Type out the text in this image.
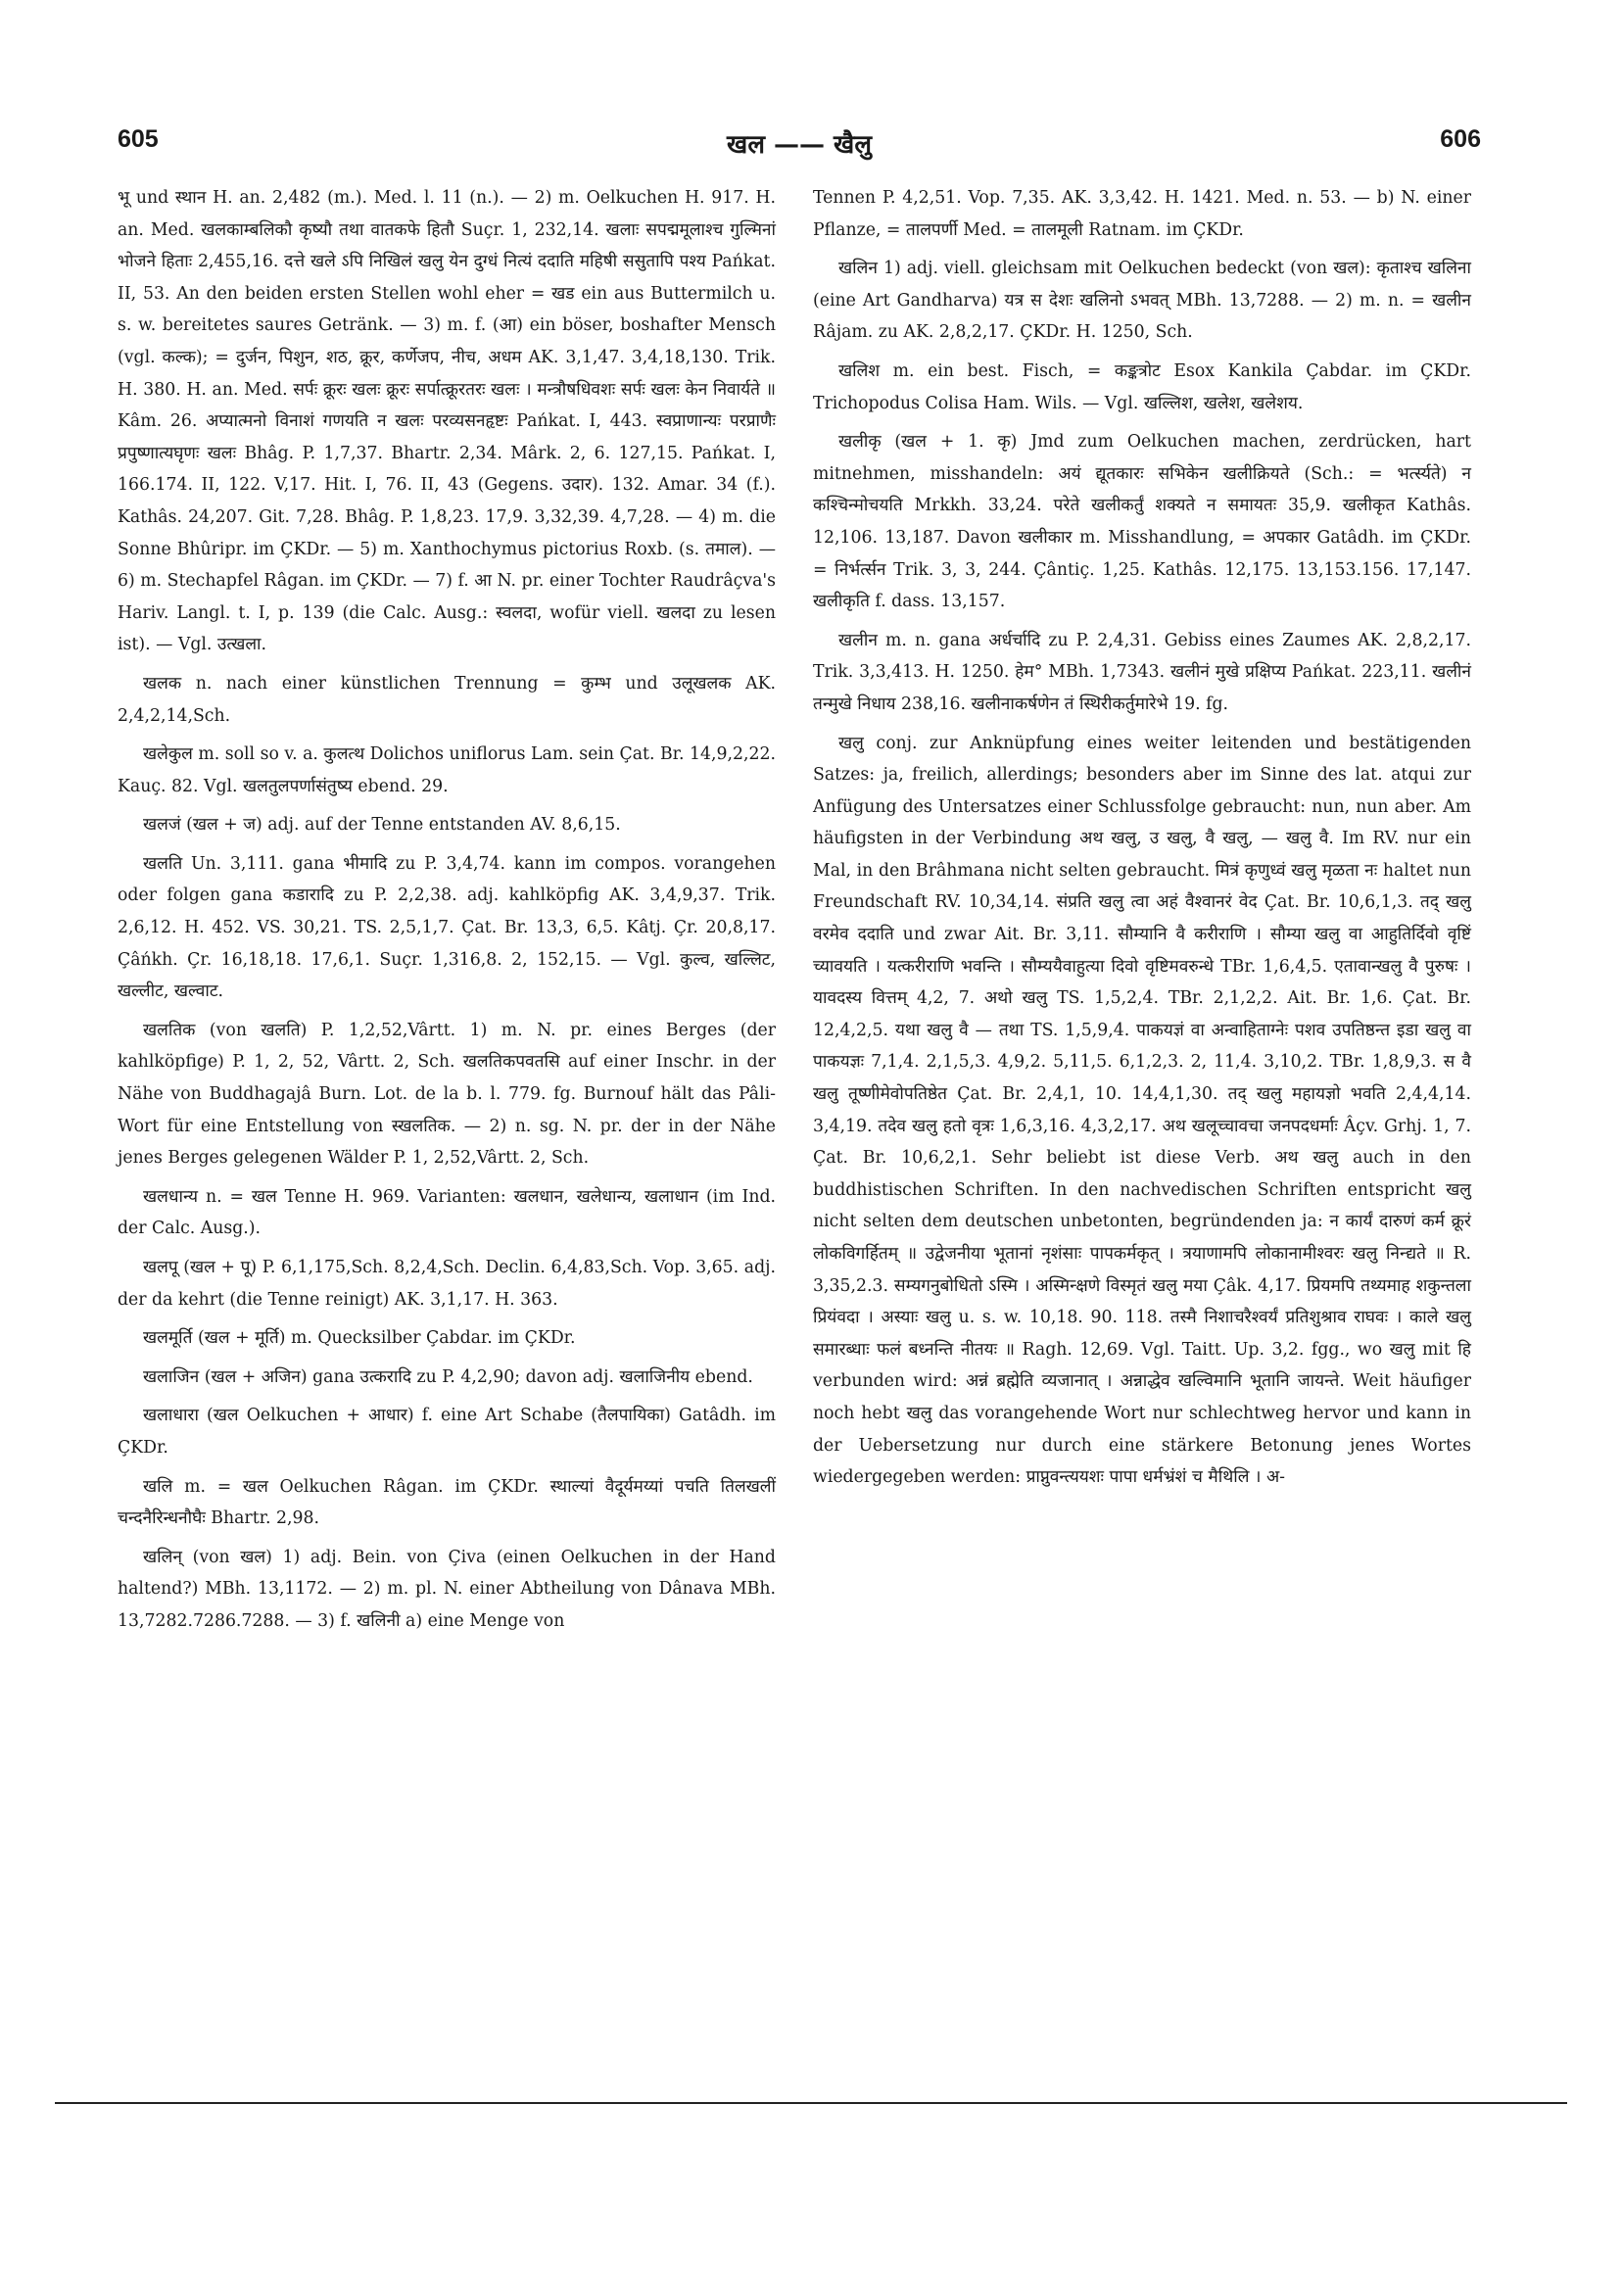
605	खल —— खैलु	606

भू und स्थान H. an. 2,482 (m.). Med. l. 11 (n.). — 2) m. Oelkuchen H. 917. H. an. Med. खलकाम्बलिकौ कृष्यौ तथा वातकफे हितौ Suçr. 1, 232,14. खलाः सपद्ममूलाश्च गुल्मिनां भोजने हिताः 2,455,16. दत्ते खले ऽपि निखिलं खलु येन दुग्धं नित्यं ददाति महिषी ससुतापि पश्य Pańkat. II, 53. An den beiden ersten Stellen wohl eher = खड ein aus Buttermilch u. s. w. bereitetes saures Getränk. — 3) m. f. (आ) ein böser, boshafter Mensch (vgl. कल्क); = दुर्जन, पिशुन, शठ, क्रूर, कर्णेजप, नीच, अधम AK. 3,1,47. 3,4,18,130. Trik. H. 380. H. an. Med. सर्पः क्रूरः खलः क्रूरः सर्पात्क्रूरतरः खलः । मन्त्रौषधिवशः सर्पः खलः केन निवार्यते ॥ Kâm. 26. अप्यात्मनो विनाशं गणयति न खलः परव्यसनहृष्टः Pańkat. I, 443. स्वप्राणान्यः परप्राणैः प्रपुष्णात्यघृणः खलः Bhâg. P. 1,7,37. Bhartr. 2,34. Mârk. 2, 6. 127,15. Pańkat. I, 166.174. II, 122. V,17. Hit. I, 76. II, 43 (Gegens. उदार). 132. Amar. 34 (f.). Kathâs. 24,207. Git. 7,28. Bhâg. P. 1,8,23. 17,9. 3,32,39. 4,7,28. — 4) m. die Sonne Bhûripr. im ÇKDr. — 5) m. Xanthochymus pictorius Roxb. (s. तमाल). — 6) m. Stechapfel Râgan. im ÇKDr. — 7) f. आ N. pr. einer Tochter Raudrâçva's Hariv. Langl. t. I, p. 139 (die Calc. Ausg.: स्वलदा, wofür viell. खलदा zu lesen ist). — Vgl. उत्खला.

खलक n. nach einer künstlichen Trennung = कुम्भ und उलूखलक AK. 2,4,2,14,Sch.

खलेकुल m. soll so v. a. कुलत्थ Dolichos uniflorus Lam. sein Çat. Br. 14,9,2,22. Kauç. 82. Vgl. खलतुलपर्णासंतुष्य ebend. 29.

खलजं (खल + ज) adj. auf der Tenne entstanden AV. 8,6,15.

खलति Un. 3,111. gana भीमादि zu P. 3,4,74. kann im compos. vorangehen oder folgen gana कडारादि zu P. 2,2,38. adj. kahlköpfig AK. 3,4,9,37. Trik. 2,6,12. H. 452. VS. 30,21. TS. 2,5,1,7. Çat. Br. 13,3, 6,5. Kâtj. Çr. 20,8,17. Çâńkh. Çr. 16,18,18. 17,6,1. Suçr. 1,316,8. 2, 152,15. — Vgl. कुल्व, खल्लिट, खल्लीट, खल्वाट.

खलतिक (von खलति) P. 1,2,52,Vârtt. 1) m. N. pr. eines Berges (der kahlköpfige) P. 1, 2, 52, Vârtt. 2, Sch. खलतिकपवतसि auf einer Inschr. in der Nähe von Buddhagajâ Burn. Lot. de la b. l. 779. fg. Burnouf hält das Pâli-Wort für eine Entstellung von स्खलतिक. — 2) n. sg. N. pr. der in der Nähe jenes Berges gelegenen Wälder P. 1, 2,52,Vârtt. 2, Sch.

खलधान्य n. = खल Tenne H. 969. Varianten: खलधान, खलेधान्य, खलाधान (im Ind. der Calc. Ausg.).

खलपू (खल + पू) P. 6,1,175,Sch. 8,2,4,Sch. Declin. 6,4,83,Sch. Vop. 3,65. adj. der da kehrt (die Tenne reinigt) AK. 3,1,17. H. 363.

खलमूर्ति (खल + मूर्ति) m. Quecksilber Çabdar. im ÇKDr.

खलाजिन (खल + अजिन) gana उत्करादि zu P. 4,2,90; davon adj. खलाजिनीय ebend.

खलाधारा (खल Oelkuchen + आधार) f. eine Art Schabe (तैलपायिका) Gatâdh. im ÇKDr.

खलि m. = खल Oelkuchen Râgan. im ÇKDr. स्थाल्यां वैदूर्यमय्यां पचति तिलखलीं चन्दनैरिन्धनौघैः Bhartr. 2,98.

खलिन् (von खल) 1) adj. Bein. von Çiva (einen Oelkuchen in der Hand haltend?) MBh. 13,1172. — 2) m. pl. N. einer Abtheilung von Dânava MBh. 13,7282.7286.7288. — 3) f. खलिनी a) eine Menge von

Tennen P. 4,2,51. Vop. 7,35. AK. 3,3,42. H. 1421. Med. n. 53. — b) N. einer Pflanze, = तालपर्णी Med. = तालमूली Ratnam. im ÇKDr.

खलिन 1) adj. viell. gleichsam mit Oelkuchen bedeckt (von खल): कृताश्च खलिना (eine Art Gandharva) यत्र स देशः खलिनो ऽभवत् MBh. 13,7288. — 2) m. n. = खलीन Râjam. zu AK. 2,8,2,17. ÇKDr. H. 1250, Sch.

खलिश m. ein best. Fisch, = कङ्कत्रोट Esox Kankila Çabdar. im ÇKDr. Trichopodus Colisa Ham. Wils. — Vgl. खल्लिश, खलेश, खलेशय.

खलीकृ (खल + 1. कृ) Jmd zum Oelkuchen machen, zerdrücken, hart mitnehmen, misshandeln: अयं द्यूतकारः सभिकेन खलीक्रियते (Sch.: = भर्त्स्यते) न कश्चिन्मोचयति Mrkkh. 33,24. परेते खलीकर्तुं शक्यते न समायतः 35,9. खलीकृत Kathâs. 12,106. 13,187. Davon खलीकार m. Misshandlung, = अपकार Gatâdh. im ÇKDr. = निर्भर्त्सन Trik. 3, 3, 244. Çântiç. 1,25. Kathâs. 12,175. 13,153.156. 17,147. खलीकृति f. dass. 13,157.

खलीन m. n. gana अर्धर्चादि zu P. 2,4,31. Gebiss eines Zaumes AK. 2,8,2,17. Trik. 3,3,413. H. 1250. हेम° MBh. 1,7343. खलीनं मुखे प्रक्षिप्य Pańkat. 223,11. खलीनं तन्मुखे निधाय 238,16. खलीनाकर्षणेन तं स्थिरीकर्तुमारेभे 19. fg.

खलु conj. zur Anknüpfung eines weiter leitenden und bestätigenden Satzes: ja, freilich, allerdings; besonders aber im Sinne des lat. atqui zur Anfügung des Untersatzes einer Schlussfolge gebraucht: nun, nun aber. Am häufigsten in der Verbindung अथ खलु, उ खलु, वै खलु, — खलु वै. Im RV. nur ein Mal, in den Brâhmana nicht selten gebraucht. मित्रं कृणुध्वं खलु मृळता नः haltet nun Freundschaft RV. 10,34,14. संप्रति खलु त्वा अहं वैश्वानरं वेद Çat. Br. 10,6,1,3. तद् खलु वरमेव ददाति und zwar Ait. Br. 3,11. सौम्यानि वै करीराणि । सौम्या खलु वा आहुतिर्दिवो वृष्टिं च्यावयति । यत्करीराणि भवन्ति । सौम्ययैवाहुत्या दिवो वृष्टिमवरुन्धे TBr. 1,6,4,5. एतावान्खलु वै पुरुषः । यावदस्य वित्तम् 4,2, 7. अथो खलु TS. 1,5,2,4. TBr. 2,1,2,2. Ait. Br. 1,6. Çat. Br. 12,4,2,5. यथा खलु वै — तथा TS. 1,5,9,4. पाकयज्ञं वा अन्वाहिताग्नेः पशव उपतिष्ठन्त इडा खलु वा पाकयज्ञः 7,1,4. 2,1,5,3. 4,9,2. 5,11,5. 6,1,2,3. 2, 11,4. 3,10,2. TBr. 1,8,9,3. स वै खलु तूष्णीमेवोपतिष्ठेत Çat. Br. 2,4,1, 10. 14,4,1,30. तद् खलु महायज्ञो भवति 2,4,4,14. 3,4,19. तदेव खलु हतो वृत्रः 1,6,3,16. 4,3,2,17. अथ खलूच्चावचा जनपदधर्माः Âçv. Grhj. 1, 7. Çat. Br. 10,6,2,1. Sehr beliebt ist diese Verb. अथ खलु auch in den buddhistischen Schriften. In den nachvedischen Schriften entspricht खलु nicht selten dem deutschen unbetonten, begründenden ja: न कार्यं दारुणं कर्म क्रूरं लोकविगर्हितम् ॥ उद्वेजनीया भूतानां नृशंसाः पापकर्मकृत् । त्रयाणामपि लोकानामीश्वरः खलु निन्द्यते ॥ R. 3,35,2.3. सम्यगनुबोधितो ऽस्मि । अस्मिन्क्षणे विस्मृतं खलु मया Çâk. 4,17. प्रियमपि तथ्यमाह शकुन्तला प्रियंवदा । अस्याः खलु u. s. w. 10,18. 90. 118. तस्मै निशाचरैश्वर्यं प्रतिशुश्राव राघवः । काले खलु समारब्धाः फलं बध्नन्ति नीतयः ॥ Ragh. 12,69. Vgl. Taitt. Up. 3,2. fgg., wo खलु mit हि verbunden wird: अन्नं ब्रह्मेति व्यजानात् । अन्नाद्धेव खल्विमानि भूतानि जायन्ते. Weit häufiger noch hebt खलु das vorangehende Wort nur schlechtweg hervor und kann in der Uebersetzung nur durch eine stärkere Betonung jenes Wortes wiedergegeben werden: प्राप्नुवन्त्ययशः पापा धर्मभ्रंशं च मैथिलि । अ-
